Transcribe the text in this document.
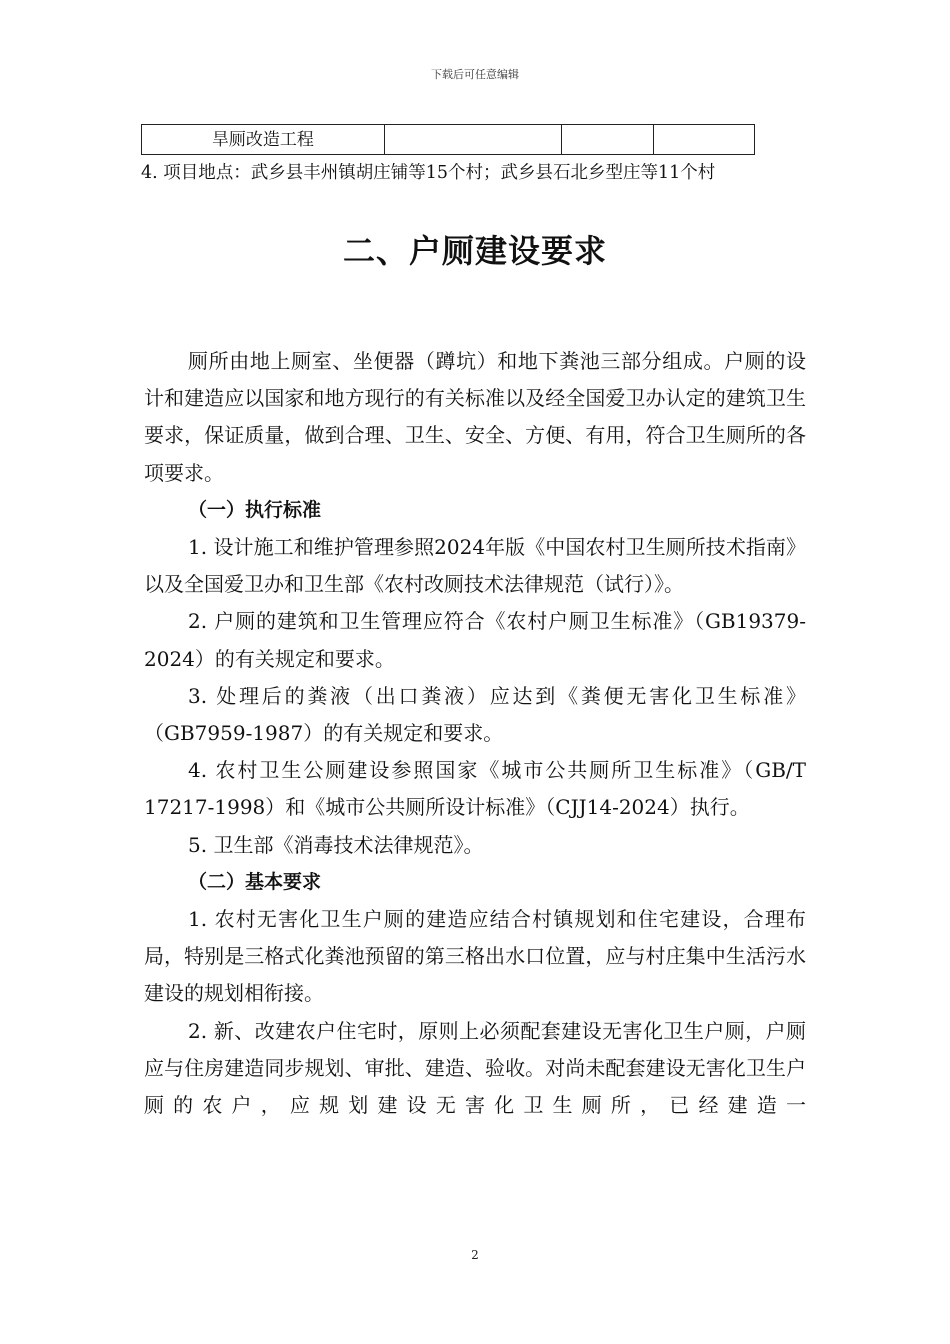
下载后可任意编辑
旱厕改造工程			
4. 项目地点：武乡县丰州镇胡庄铺等15个村；武乡县石北乡型庄等11个村
二、户厕建设要求

厕所由地上厕室、坐便器（蹲坑）和地下粪池三部分组成。户厕的设计和建造应以国家和地方现行的有关标准以及经全国爱卫办认定的建筑卫生要求，保证质量，做到合理、卫生、安全、方便、有用，符合卫生厕所的各项要求。

（一）执行标准

1. 设计施工和维护管理参照2024年版《中国农村卫生厕所技术指南》以及全国爱卫办和卫生部《农村改厕技术法律规范（试行）》。

2. 户厕的建筑和卫生管理应符合《农村户厕卫生标准》（GB19379-2024）的有关规定和要求。

3. 处理后的粪液（出口粪液）应达到《粪便无害化卫生标准》（GB7959-1987）的有关规定和要求。

4. 农村卫生公厕建设参照国家《城市公共厕所卫生标准》（GB/T 17217-1998）和《城市公共厕所设计标准》（CJJ14-2024）执行。

5. 卫生部《消毒技术法律规范》。

（二）基本要求

1. 农村无害化卫生户厕的建造应结合村镇规划和住宅建设，合理布局，特别是三格式化粪池预留的第三格出水口位置，应与村庄集中生活污水建设的规划相衔接。

2. 新、改建农户住宅时，原则上必须配套建设无害化卫生户厕，户厕应与住房建造同步规划、审批、建造、验收。对尚未配套建设无害化卫生户厕的农户，应规划建设无害化卫生厕所，已经建造一

2
